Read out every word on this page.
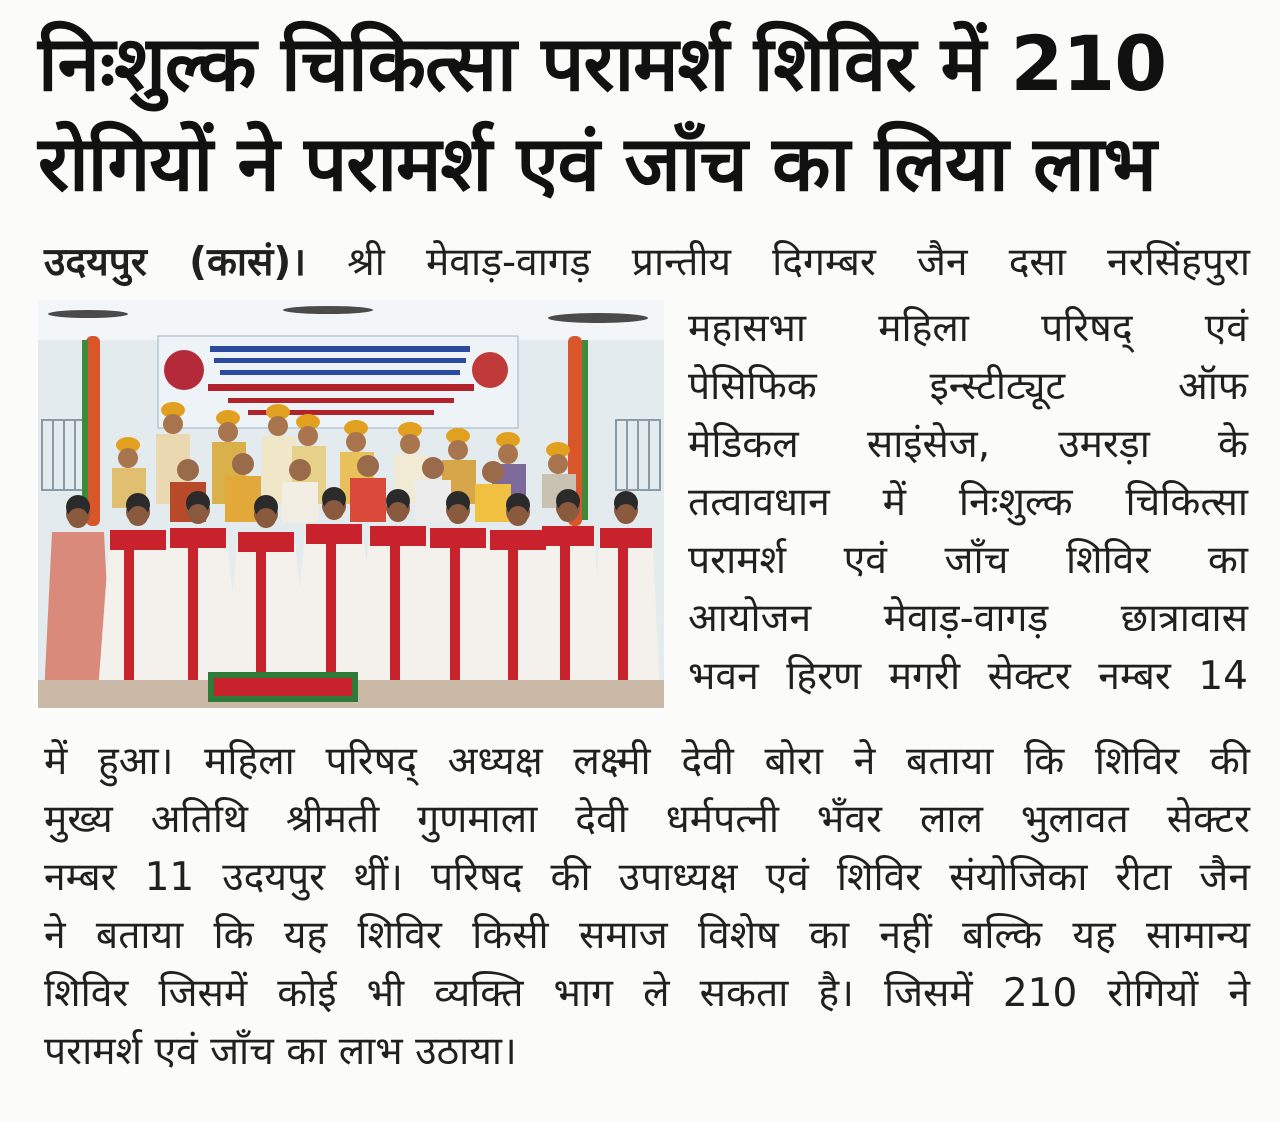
निःशुल्क चिकित्सा परामर्श शिविर में 210
रोगियों ने परामर्श एवं जाँच का लिया लाभ
उदयपुर (कासं)। श्री मेवाड़-वागड़ प्रान्तीय दिगम्बर जैन दसा नरसिंहपुरा
महासभा महिला परिषद् एवं
पेसिफिक इन्स्टीट्यूट ऑफ
मेडिकल साइंसेज, उमरड़ा के
तत्वावधान में निःशुल्क चिकित्सा
परामर्श एवं जाँच शिविर का
आयोजन मेवाड़-वागड़ छात्रावास
भवन हिरण मगरी सेक्टर नम्बर 14
में हुआ। महिला परिषद् अध्यक्ष लक्ष्मी देवी बोरा ने बताया कि शिविर की
मुख्य अतिथि श्रीमती गुणमाला देवी धर्मपत्नी भँवर लाल भुलावत सेक्टर
नम्बर 11 उदयपुर थीं। परिषद की उपाध्यक्ष एवं शिविर संयोजिका रीटा जैन
ने बताया कि यह शिविर किसी समाज विशेष का नहीं बल्कि यह सामान्य
शिविर जिसमें कोई भी व्यक्ति भाग ले सकता है। जिसमें 210 रोगियों ने
परामर्श एवं जाँच का लाभ उठाया।
